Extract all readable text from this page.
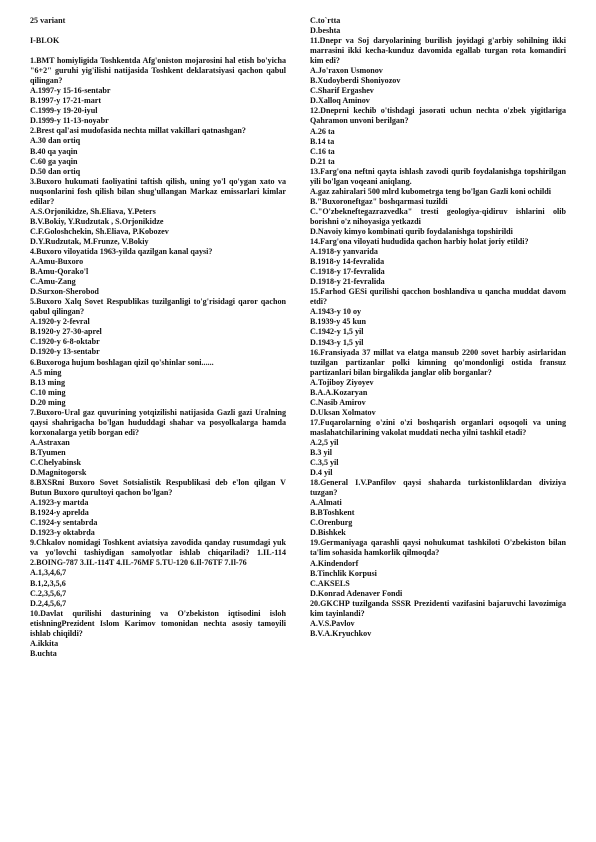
25 variant

I-BLOK

1.BMT homiyligida Toshkentda Afg'oniston mojarosini hal etish bo'yicha "6+2" guruhi yig'ilishi natijasida Toshkent deklaratsiyasi qachon qabul qilingan?

A.1997-y 15-16-sentabr

B.1997-y 17-21-mart

C.1999-y 19-20-iyul

D.1999-y 11-13-noyabr

2.Brest qal'asi mudofasida nechta millat vakillari qatnashgan?

A.30 dan ortiq

B.40 qa yaqin

C.60 ga yaqin

D.50 dan ortiq

3.Buxoro hukumati faoliyatini taftish qilish, uning yo'l qo'ygan xato va nuqsonlarini fosh qilish bilan shug'ullangan Markaz emissarlari kimlar edilar?

A.S.Orjonikidze, Sh.Eliava, Y.Peters

B.V.Bokiy, Y.Rudzutak , S.Orjonikidze

C.F.Goloshchekin, Sh.Eliava, P.Kobozev

D.Y.Rudzutak, M.Frunze, V.Bokiy

4.Buxoro viloyatida 1963-yilda qazilgan kanal qaysi?

A.Amu-Buxoro

B.Amu-Qorako'l

C.Amu-Zang

D.Surxon-Sherobod

5.Buxoro Xalq Sovet Respublikas tuzilganligi to'g'risidagi qaror qachon qabul qilingan?

A.1920-y 2-fevral

B.1920-y 27-30-aprel

C.1920-y 6-8-oktabr

D.1920-y 13-sentabr

6.Buxoroga hujum boshlagan qizil qo'shinlar soni......

A.5 ming

B.13 ming

C.10 ming

D.20 ming

7.Buxoro-Ural gaz quvurining yotqizilishi natijasida Gazli gazi Uralning qaysi shahrigacha bo'lgan hududdagi shahar va posyolkalarga hamda korxonalarga yetib borgan edi?

A.Astraxan

B.Tyumen

C.Chelyabinsk

D.Magnitogorsk

8.BXSRni Buxoro Sovet Sotsialistik Respublikasi deb e'lon qilgan V Butun Buxoro qurultoyi qachon bo'lgan?

A.1923-y martda

B.1924-y aprelda

C.1924-y sentabrda

D.1923-y oktabrda

9.Chkalov nomidagi Toshkent aviatsiya zavodida qanday rusumdagi yuk va yo'lovchi tashiydigan samolyotlar ishlab chiqariladi? 1.IL-114 2.BOING-787 3.IL-114T 4.IL-76MF 5.TU-120 6.Il-76TF 7.Il-76

A.1,3,4,6,7

B.1,2,3,5,6

C.2,3,5,6,7

D.2,4,5,6,7

10.Davlat qurilishi dasturining va O'zbekiston iqtisodini isloh etishningPrezident Islom Karimov tomonidan nechta asosiy tamoyili ishlab chiqildi?

A.ikkita

B.uchta

C.to`rtta

D.beshta

11.Dnepr va Soj daryolarining burilish joyidagi g'arbiy sohilning ikki marrasini ikki kecha-kunduz davomida egallab turgan rota komandiri kim edi?

A.Jo'raxon Usmonov

B.Xudoyberdi Shoniyozov

C.Sharif Ergashev

D.Xalloq Aminov

12.Dneprni kechib o'tishdagi jasorati uchun nechta o'zbek yigitlariga Qahramon unvoni berilgan?

A.26 ta

B.14 ta

C.16 ta

D.21 ta

13.Farg'ona neftni qayta ishlash zavodi qurib foydalanishga topshirilgan yili bo'lgan voqeani aniqlang.

A.gaz zahiralari 500 mlrd kubometrga teng bo'lgan Gazli koni ochildi

B."Buxoroneftgaz" boshqarmasi tuzildi

C."O'zbekneftegazrazvedka" tresti geologiya-qidiruv ishlarini olib borishni o'z nihoyasiga yetkazdi

D.Navoiy kimyo kombinati qurib foydalanishga topshirildi

14.Farg'ona viloyati hududida qachon harbiy holat joriy etildi?

A.1918-y yanvarida

B.1918-y 14-fevralida

C.1918-y 17-fevralida

D.1918-y 21-fevralida

15.Farhod GESi qurilishi qacchon boshlandiva u qancha muddat davom etdi?

A.1943-y 10 oy

B.1939-y 45 kun

C.1942-y 1,5 yil

D.1943-y 1,5 yil

16.Fransiyada 37 millat va elatga mansub 2200 sovet harbiy asirlaridan tuzilgan partizanlar polki kimning qo'mondonligi ostida fransuz partizanlari bilan birgalikda janglar olib borganlar?

A.Tojiboy Ziyoyev

B.A.A.Kozaryan

C.Nasib Amirov

D.Uksan Xolmatov

17.Fuqarolarning o'zini o'zi boshqarish organlari oqsoqoli va uning maslahatchilarining vakolat muddati necha yilni tashkil etadi?

A.2,5 yil

B.3 yil

C.3,5 yil

D.4 yil

18.General I.V.Panfilov qaysi shaharda turkistonliklardan diviziya tuzgan?

A.Almati

B.BToshkent

C.Orenburg

D.Bishkek

19.Germaniyaga qarashli qaysi nohukumat tashkiloti O'zbekiston bilan ta'lim sohasida hamkorlik qilmoqda?

A.Kindendorf

B.Tinchlik Korpusi

C.AKSELS

D.Konrad Adenaver Fondi

20.GKCHP tuzilganda SSSR Prezidenti vazifasini bajaruvchi lavozimiga kim tayinlandi?

A.V.S.Pavlov

B.V.A.Kryuchkov
